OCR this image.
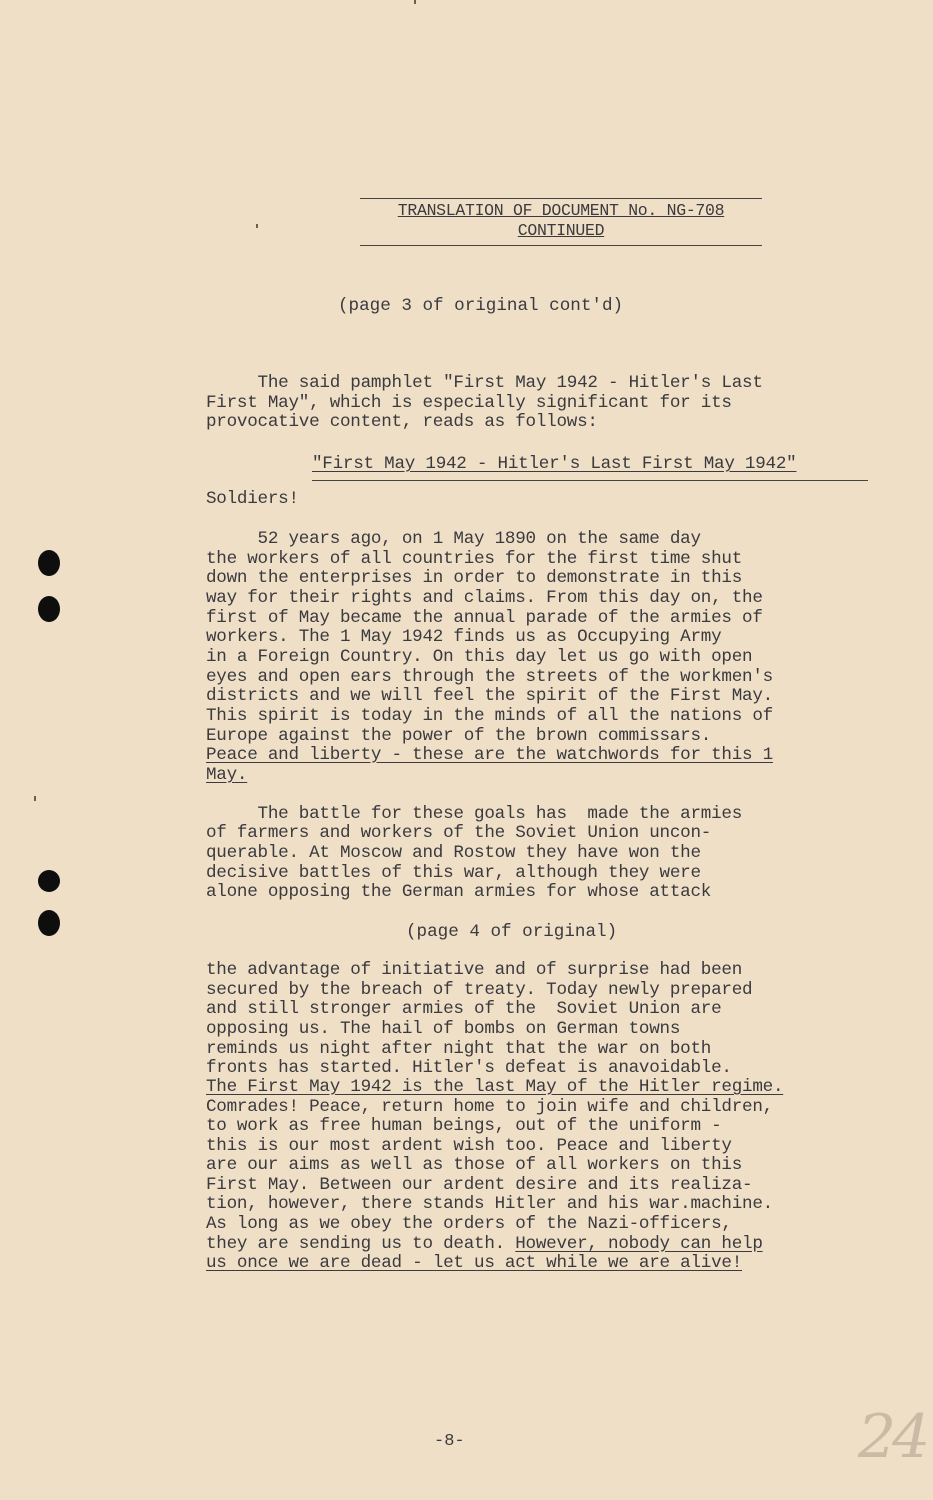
TRANSLATION OF DOCUMENT No. NG-708
CONTINUED
(page 3 of original cont'd)
The said pamphlet "First May 1942 - Hitler's Last
First May", which is especially significant for its
provocative content, reads as follows:
"First May 1942 - Hitler's Last First May 1942"
Soldiers!
52 years ago, on 1 May 1890 on the same day
the workers of all countries for the first time shut
down the enterprises in order to demonstrate in this
way for their rights and claims. From this day on, the
first of May became the annual parade of the armies of
workers. The 1 May 1942 finds us as Occupying Army
in a Foreign Country. On this day let us go with open
eyes and open ears through the streets of the workmen's
districts and we will feel the spirit of the First May.
This spirit is today in the minds of all the nations of
Europe against the power of the brown commissars.
Peace and liberty - these are the watchwords for this 1
May.
The battle for these goals has  made the armies
of farmers and workers of the Soviet Union uncon-
querable. At Moscow and Rostow they have won the
decisive battles of this war, although they were
alone opposing the German armies for whose attack
(page 4 of original)
the advantage of initiative and of surprise had been
secured by the breach of treaty. Today newly prepared
and still stronger armies of the  Soviet Union are
opposing us. The hail of bombs on German towns
reminds us night after night that the war on both
fronts has started. Hitler's defeat is anavoidable.
The First May 1942 is the last May of the Hitler regime.
Comrades! Peace, return home to join wife and children,
to work as free human beings, out of the uniform -
this is our most ardent wish too. Peace and liberty
are our aims as well as those of all workers on this
First May. Between our ardent desire and its realiza-
tion, however, there stands Hitler and his war.machine.
As long as we obey the orders of the Nazi-officers,
they are sending us to death. However, nobody can help
us once we are dead - let us act while we are alive!
-8-	24
